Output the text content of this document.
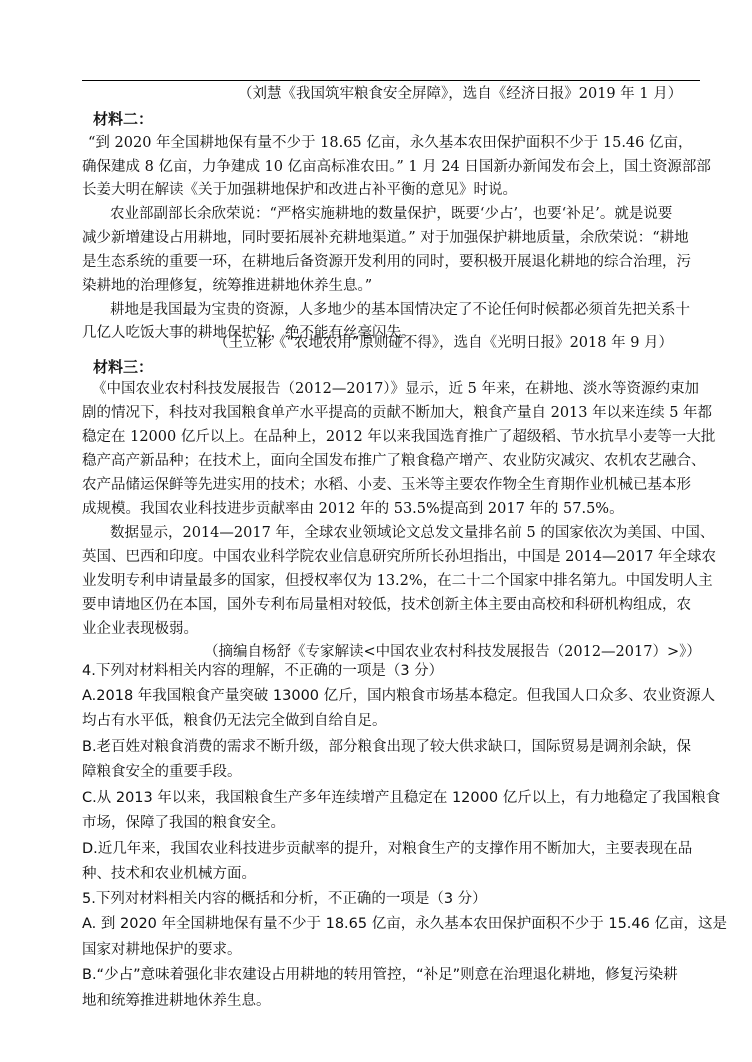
（刘慧《我国筑牢粮食安全屏障》，选自《经济日报》2019 年 1 月）
材料二：
“到 2020 年全国耕地保有量不少于 18.65 亿亩，永久基本农田保护面积不少于 15.46 亿亩，
确保建成 8 亿亩，力争建成 10 亿亩高标准农田。” 1 月 24 日国新办新闻发布会上，国土资源部部
长姜大明在解读《关于加强耕地保护和改进占补平衡的意见》时说。
农业部副部长余欣荣说：“严格实施耕地的数量保护，既要‘少占’，也要‘补足’。就是说要
减少新增建设占用耕地，同时要拓展补充耕地渠道。” 对于加强保护耕地质量，余欣荣说：“耕地
是生态系统的重要一环，在耕地后备资源开发利用的同时，要积极开展退化耕地的综合治理，污
染耕地的治理修复，统筹推进耕地休养生息。”
耕地是我国最为宝贵的资源，人多地少的基本国情决定了不论任何时候都必须首先把关系十
几亿人吃饭大事的耕地保护好，绝不能有丝毫闪失。
（王立彬《“农地农用”原则碰不得》，选自《光明日报》2018 年 9 月）
材料三：
《中国农业农村科技发展报告（2012—2017）》显示，近 5 年来，在耕地、淡水等资源约束加
剧的情况下，科技对我国粮食单产水平提高的贡献不断加大，粮食产量自 2013 年以来连续 5 年都
稳定在 12000 亿斤以上。在品种上，2012 年以来我国选育推广了超级稻、节水抗旱小麦等一大批
稳产高产新品种；在技术上，面向全国发布推广了粮食稳产增产、农业防灾减灾、农机农艺融合、
农产品储运保鲜等先进实用的技术；水稻、小麦、玉米等主要农作物全生育期作业机械已基本形
成规模。我国农业科技进步贡献率由 2012 年的 53.5%提高到 2017 年的 57.5%。
数据显示，2014—2017 年，全球农业领域论文总发文量排名前 5 的国家依次为美国、中国、
英国、巴西和印度。中国农业科学院农业信息研究所所长孙坦指出，中国是 2014—2017 年全球农
业发明专利申请量最多的国家，但授权率仅为 13.2%，在二十二个国家中排名第九。中国发明人主
要申请地区仍在本国，国外专利布局量相对较低，技术创新主体主要由高校和科研机构组成，农
业企业表现极弱。
（摘编自杨舒《专家解读<中国农业农村科技发展报告（2012—2017）>》）
4.下列对材料相关内容的理解，不正确的一项是（3 分）
A.2018 年我国粮食产量突破 13000 亿斤，国内粮食市场基本稳定。但我国人口众多、农业资源人
均占有水平低，粮食仍无法完全做到自给自足。
B.老百姓对粮食消费的需求不断升级，部分粮食出现了较大供求缺口，国际贸易是调剂余缺，保
障粮食安全的重要手段。
C.从 2013 年以来，我国粮食生产多年连续增产且稳定在 12000 亿斤以上，有力地稳定了我国粮食
市场，保障了我国的粮食安全。
D.近几年来，我国农业科技进步贡献率的提升，对粮食生产的支撑作用不断加大，主要表现在品
种、技术和农业机械方面。
5.下列对材料相关内容的概括和分析，不正确的一项是（3 分）
A. 到 2020 年全国耕地保有量不少于 18.65 亿亩，永久基本农田保护面积不少于 15.46 亿亩，这是
国家对耕地保护的要求。
B.“少占”意味着强化非农建设占用耕地的转用管控，“补足”则意在治理退化耕地，修复污染耕
地和统筹推进耕地休养生息。
